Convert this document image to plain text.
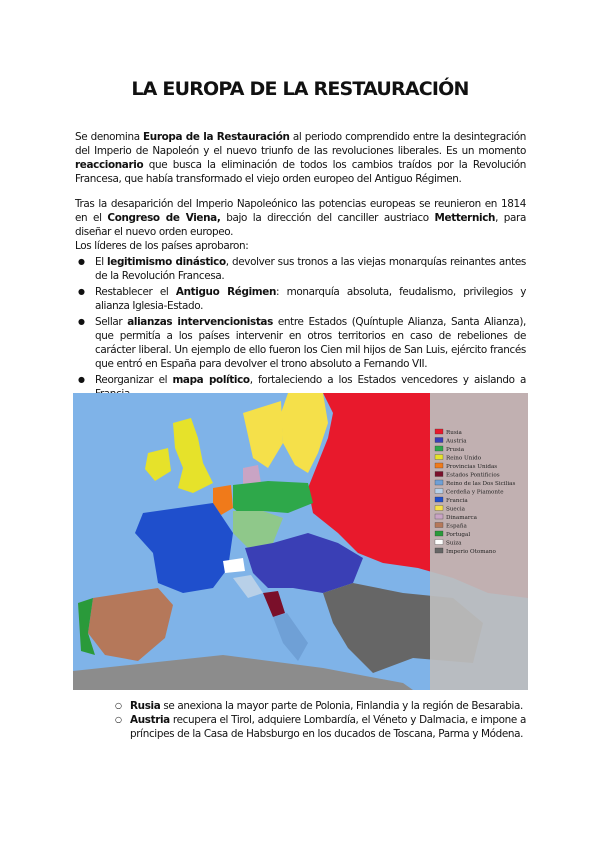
LA EUROPA DE LA RESTAURACIÓN

Se denomina Europa de la Restauración al periodo comprendido entre la desintegración del Imperio de Napoleón y el nuevo triunfo de las revoluciones liberales. Es un momento reaccionario que busca la eliminación de todos los cambios traídos por la Revolución Francesa, que había transformado el viejo orden europeo del Antiguo Régimen.

Tras la desaparición del Imperio Napoleónico las potencias europeas se reunieron en 1814 en el Congreso de Viena, bajo la dirección del canciller austriaco Metternich, para diseñar el nuevo orden europeo.

Los líderes de los países aprobaron:

● El legitimismo dinástico, devolver sus tronos a las viejas monarquías reinantes antes de la Revolución Francesa.
● Restablecer el Antiguo Régimen: monarquía absoluta, feudalismo, privilegios y alianza Iglesia-Estado.
● Sellar alianzas intervencionistas entre Estados (Quíntuple Alianza, Santa Alianza), que permitía a los países intervenir en otros territorios en caso de rebeliones de carácter liberal. Un ejemplo de ello fueron los Cien mil hijos de San Luis, ejército francés que entró en España para devolver el trono absoluto a Fernando VII.
● Reorganizar el mapa político, fortaleciendo a los Estados vencedores y aislando a
Rusia
Austria
Prusia
Reino Unido
Provincias Unidas
Estados Pontificios
Reino de las Dos Sicilias
Cerdeña y Piamonte
Francia
Suecia
Dinamarca
España
Portugal
Suiza
Imperio Otomano
○ Rusia se anexiona la mayor parte de Polonia, Finlandia y la región de Besarabia.
○ Austria recupera el Tirol, adquiere Lombardía, el Véneto y Dalmacia, e impone a príncipes de la Casa de Habsburgo en los ducados de Toscana, Parma y Módena.
